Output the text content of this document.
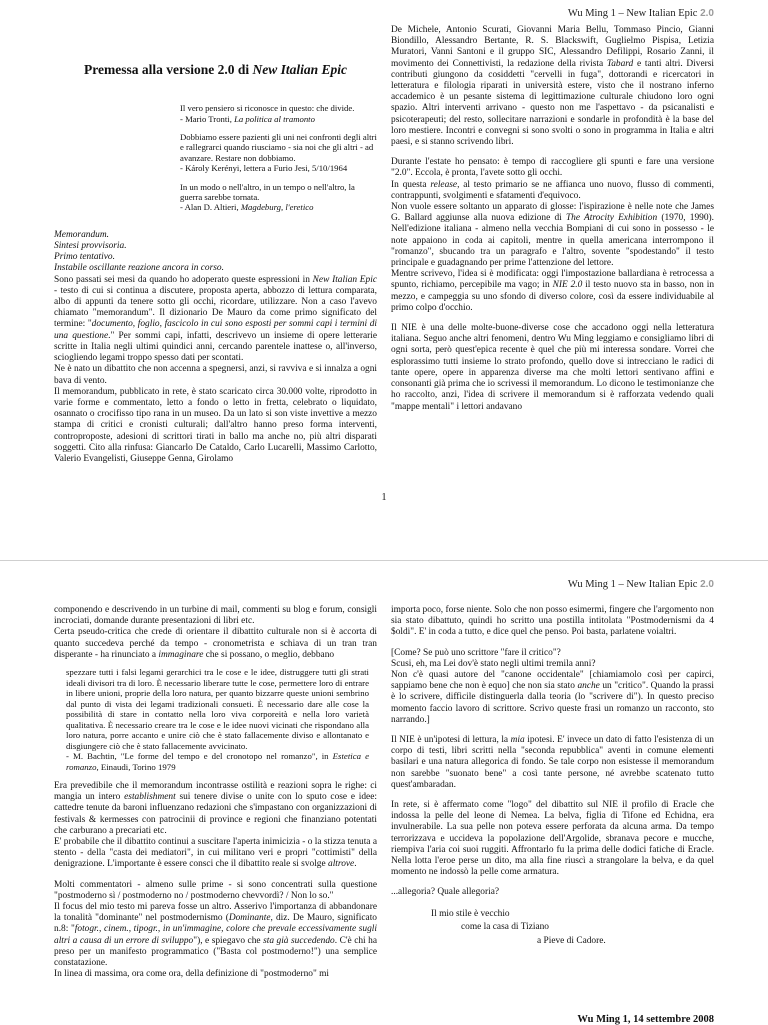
Wu Ming 1 – New Italian Epic 2.0
Premessa alla versione 2.0 di New Italian Epic
Il vero pensiero si riconosce in questo: che divide.
- Mario Tronti, La politica al tramonto
Dobbiamo essere pazienti gli uni nei confronti degli altri e rallegrarci quando riusciamo - sia noi che gli altri - ad avanzare. Restare non dobbiamo.
- Károly Kerényi, lettera a Furio Jesi, 5/10/1964
In un modo o nell'altro, in un tempo o nell'altro, la guerra sarebbe tornata.
- Alan D. Altieri, Magdeburg, l'eretico
Memorandum.
Sintesi provvisoria.
Primo tentativo.
Instabile oscillante reazione ancora in corso.

Sono passati sei mesi da quando ho adoperato queste espressioni in New Italian Epic - testo di cui si continua a discutere, proposta aperta, abbozzo di lettura comparata, albo di appunti da tenere sotto gli occhi, ricordare, utilizzare. Non a caso l'avevo chiamato "memorandum". Il dizionario De Mauro da come primo significato del termine: "documento, foglio, fascicolo in cui sono esposti per sommi capi i termini di una questione." Per sommi capi, infatti, descrivevo un insieme di opere letterarie scritte in Italia negli ultimi quindici anni, cercando parentele inattese o, all'inverso, sciogliendo legami troppo spesso dati per scontati.

Ne è nato un dibattito che non accenna a spegnersi, anzi, si ravviva e si innalza a ogni bava di vento.

Il memorandum, pubblicato in rete, è stato scaricato circa 30.000 volte, riprodotto in varie forme e commentato, letto a fondo o letto in fretta, celebrato o liquidato, osannato o crocifisso tipo rana in un museo. Da un lato si son viste invettive a mezzo stampa di critici e cronisti culturali; dall'altro hanno preso forma interventi, controproposte, adesioni di scrittori tirati in ballo ma anche no, più altri disparati soggetti. Cito alla rinfusa: Giancarlo De Cataldo, Carlo Lucarelli, Massimo Carlotto, Valerio Evangelisti, Giuseppe Genna, Girolamo

De Michele, Antonio Scurati, Giovanni Maria Bellu, Tommaso Pincio, Gianni Biondillo, Alessandro Bertante, R. S. Blackswift, Guglielmo Pispisa, Letizia Muratori, Vanni Santoni e il gruppo SIC, Alessandro Defilippi, Rosario Zanni, il movimento dei Connettivisti, la redazione della rivista Tabard e tanti altri. Diversi contributi giungono da cosiddetti "cervelli in fuga", dottorandi e ricercatori in letteratura e filologia riparati in università estere, visto che il nostrano inferno accademico è un pesante sistema di legittimazione culturale chiudono loro ogni spazio. Altri interventi arrivano - questo non me l'aspettavo - da psicanalisti e psicoterapeuti; del resto, sollecitare narrazioni e sondarle in profondità è la base del loro mestiere. Incontri e convegni si sono svolti o sono in programma in Italia e altri paesi, e si stanno scrivendo libri.

Durante l'estate ho pensato: è tempo di raccogliere gli spunti e fare una versione "2.0". Eccola, è pronta, l'avete sotto gli occhi.

In questa release, al testo primario se ne affianca uno nuovo, flusso di commenti, contrappunti, svolgimenti e sfatamenti d'equivoco.

Non vuole essere soltanto un apparato di glosse: l'ispirazione è nelle note che James G. Ballard aggiunse alla nuova edizione di The Atrocity Exhibition (1970, 1990). Nell'edizione italiana - almeno nella vecchia Bompiani di cui sono in possesso - le note appaiono in coda ai capitoli, mentre in quella americana interrompono il "romanzo", sbucando tra un paragrafo e l'altro, sovente "spodestando" il testo principale e guadagnando per prime l'attenzione del lettore.

Mentre scrivevo, l'idea si è modificata: oggi l'impostazione ballardiana è retrocessa a spunto, richiamo, percepibile ma vago; in NIE 2.0 il testo nuovo sta in basso, non in mezzo, e campeggia su uno sfondo di diverso colore, così da essere individuabile al primo colpo d'occhio.

Il NIE è una delle molte-buone-diverse cose che accadono oggi nella letteratura italiana. Seguo anche altri fenomeni, dentro Wu Ming leggiamo e consigliamo libri di ogni sorta, però quest'epica recente è quel che più mi interessa sondare. Vorrei che esplorassimo tutti insieme lo strato profondo, quello dove si intrecciano le radici di tante opere, opere in apparenza diverse ma che molti lettori sentivano affini e consonanti già prima che io scrivessi il memorandum. Lo dicono le testimonianze che ho raccolto, anzi, l'idea di scrivere il memorandum si è rafforzata vedendo quali "mappe mentali" i lettori andavano

1
Wu Ming 1 – New Italian Epic 2.0

componendo e descrivendo in un turbine di mail, commenti su blog e forum, consigli incrociati, domande durante presentazioni di libri etc.

Certa pseudo-critica che crede di orientare il dibattito culturale non si è accorta di quanto succedeva perché da tempo - cronometrista e schiava di un tran tran disperante - ha rinunciato a immaginare che si possano, o meglio, debbano

spezzare tutti i falsi legami gerarchici tra le cose e le idee, distruggere tutti gli strati ideali divisori tra di loro. È necessario liberare tutte le cose, permettere loro di entrare in libere unioni, proprie della loro natura, per quanto bizzarre queste unioni sembrino dal punto di vista dei legami tradizionali consueti. È necessario dare alle cose la possibilità di stare in contatto nella loro viva corporeità e nella loro varietà qualitativa. È necessario creare tra le cose e le idee nuovi vicinati che rispondano alla loro natura, porre accanto e unire ciò che è stato fallacemente diviso e allontanato e disgiungere ciò che è stato fallacemente avvicinato.
- M. Bachtin, "Le forme del tempo e del cronotopo nel romanzo", in Estetica e romanzo, Einaudi, Torino 1979

Era prevedibile che il memorandum incontrasse ostilità e reazioni sopra le righe: ci mangia un intero establishment sui tenere divise o unite con lo sputo cose e idee: cattedre tenute da baroni influenzano redazioni che s'impastano con organizzazioni di festivals & kermesses con patrocinii di province e regioni che finanziano potentati che carburano a precariati etc.

E' probabile che il dibattito continui a suscitare l'aperta inimicizia - o la stizza tenuta a stento - della "casta dei mediatori", in cui militano veri e propri "cottimisti" della denigrazione. L'importante è essere consci che il dibattito reale si svolge altrove.

Molti commentatori - almeno sulle prime - si sono concentrati sulla questione "postmoderno sì / postmoderno no / postmoderno chevvordì? / Non lo so."

Il focus del mio testo mi pareva fosse un altro. Asserivo l'importanza di abbandonare la tonalità "dominante" nel postmodernismo (Dominante, diz. De Mauro, significato n.8: "fotogr., cinem., tipogr., in un'immagine, colore che prevale eccessivamente sugli altri a causa di un errore di sviluppo"), e spiegavo che sta già succedendo. C'è chi ha preso per un manifesto programmatico ("Basta col postmoderno!") una semplice constatazione.

In linea di massima, ora come ora, della definizione di "postmoderno" mi

importa poco, forse niente. Solo che non posso esimermi, fingere che l'argomento non sia stato dibattuto, quindi ho scritto una postilla intitolata "Postmodernismi da 4 $oldi". E' in coda a tutto, e dice quel che penso. Poi basta, parlatene voialtri.

[Come? Se può uno scrittore "fare il critico"?
Scusi, eh, ma Lei dov'è stato negli ultimi tremila anni?
Non c'è quasi autore del "canone occidentale" [chiamiamolo così per capirci, sappiamo bene che non è equo] che non sia stato anche un "critico". Quando la prassi è lo scrivere, difficile distinguerla dalla teoria (lo "scrivere di"). In questo preciso momento faccio lavoro di scrittore. Scrivo queste frasi un romanzo un racconto, sto narrando.]

Il NIE è un'ipotesi di lettura, la mia ipotesi. E' invece un dato di fatto l'esistenza di un corpo di testi, libri scritti nella "seconda repubblica" aventi in comune elementi basilari e una natura allegorica di fondo. Se tale corpo non esistesse il memorandum non sarebbe "suonato bene" a così tante persone, né avrebbe scatenato tutto quest'ambaradan.

In rete, si è affermato come "logo" del dibattito sul NIE il profilo di Eracle che indossa la pelle del leone di Nemea. La belva, figlia di Tifone ed Echidna, era invulnerabile. La sua pelle non poteva essere perforata da alcuna arma. Da tempo terrorizzava e uccideva la popolazione dell'Argolide, sbranava pecore e mucche, riempiva l'aria coi suoi ruggiti. Affrontarlo fu la prima delle dodici fatiche di Eracle. Nella lotta l'eroe perse un dito, ma alla fine riuscì a strangolare la belva, e da quel momento ne indossò la pelle come armatura.

...allegoria? Quale allegoria?

Il mio stile è vecchio
come la casa di Tiziano
a Pieve di Cadore.
Wu Ming 1, 14 settembre 2008
